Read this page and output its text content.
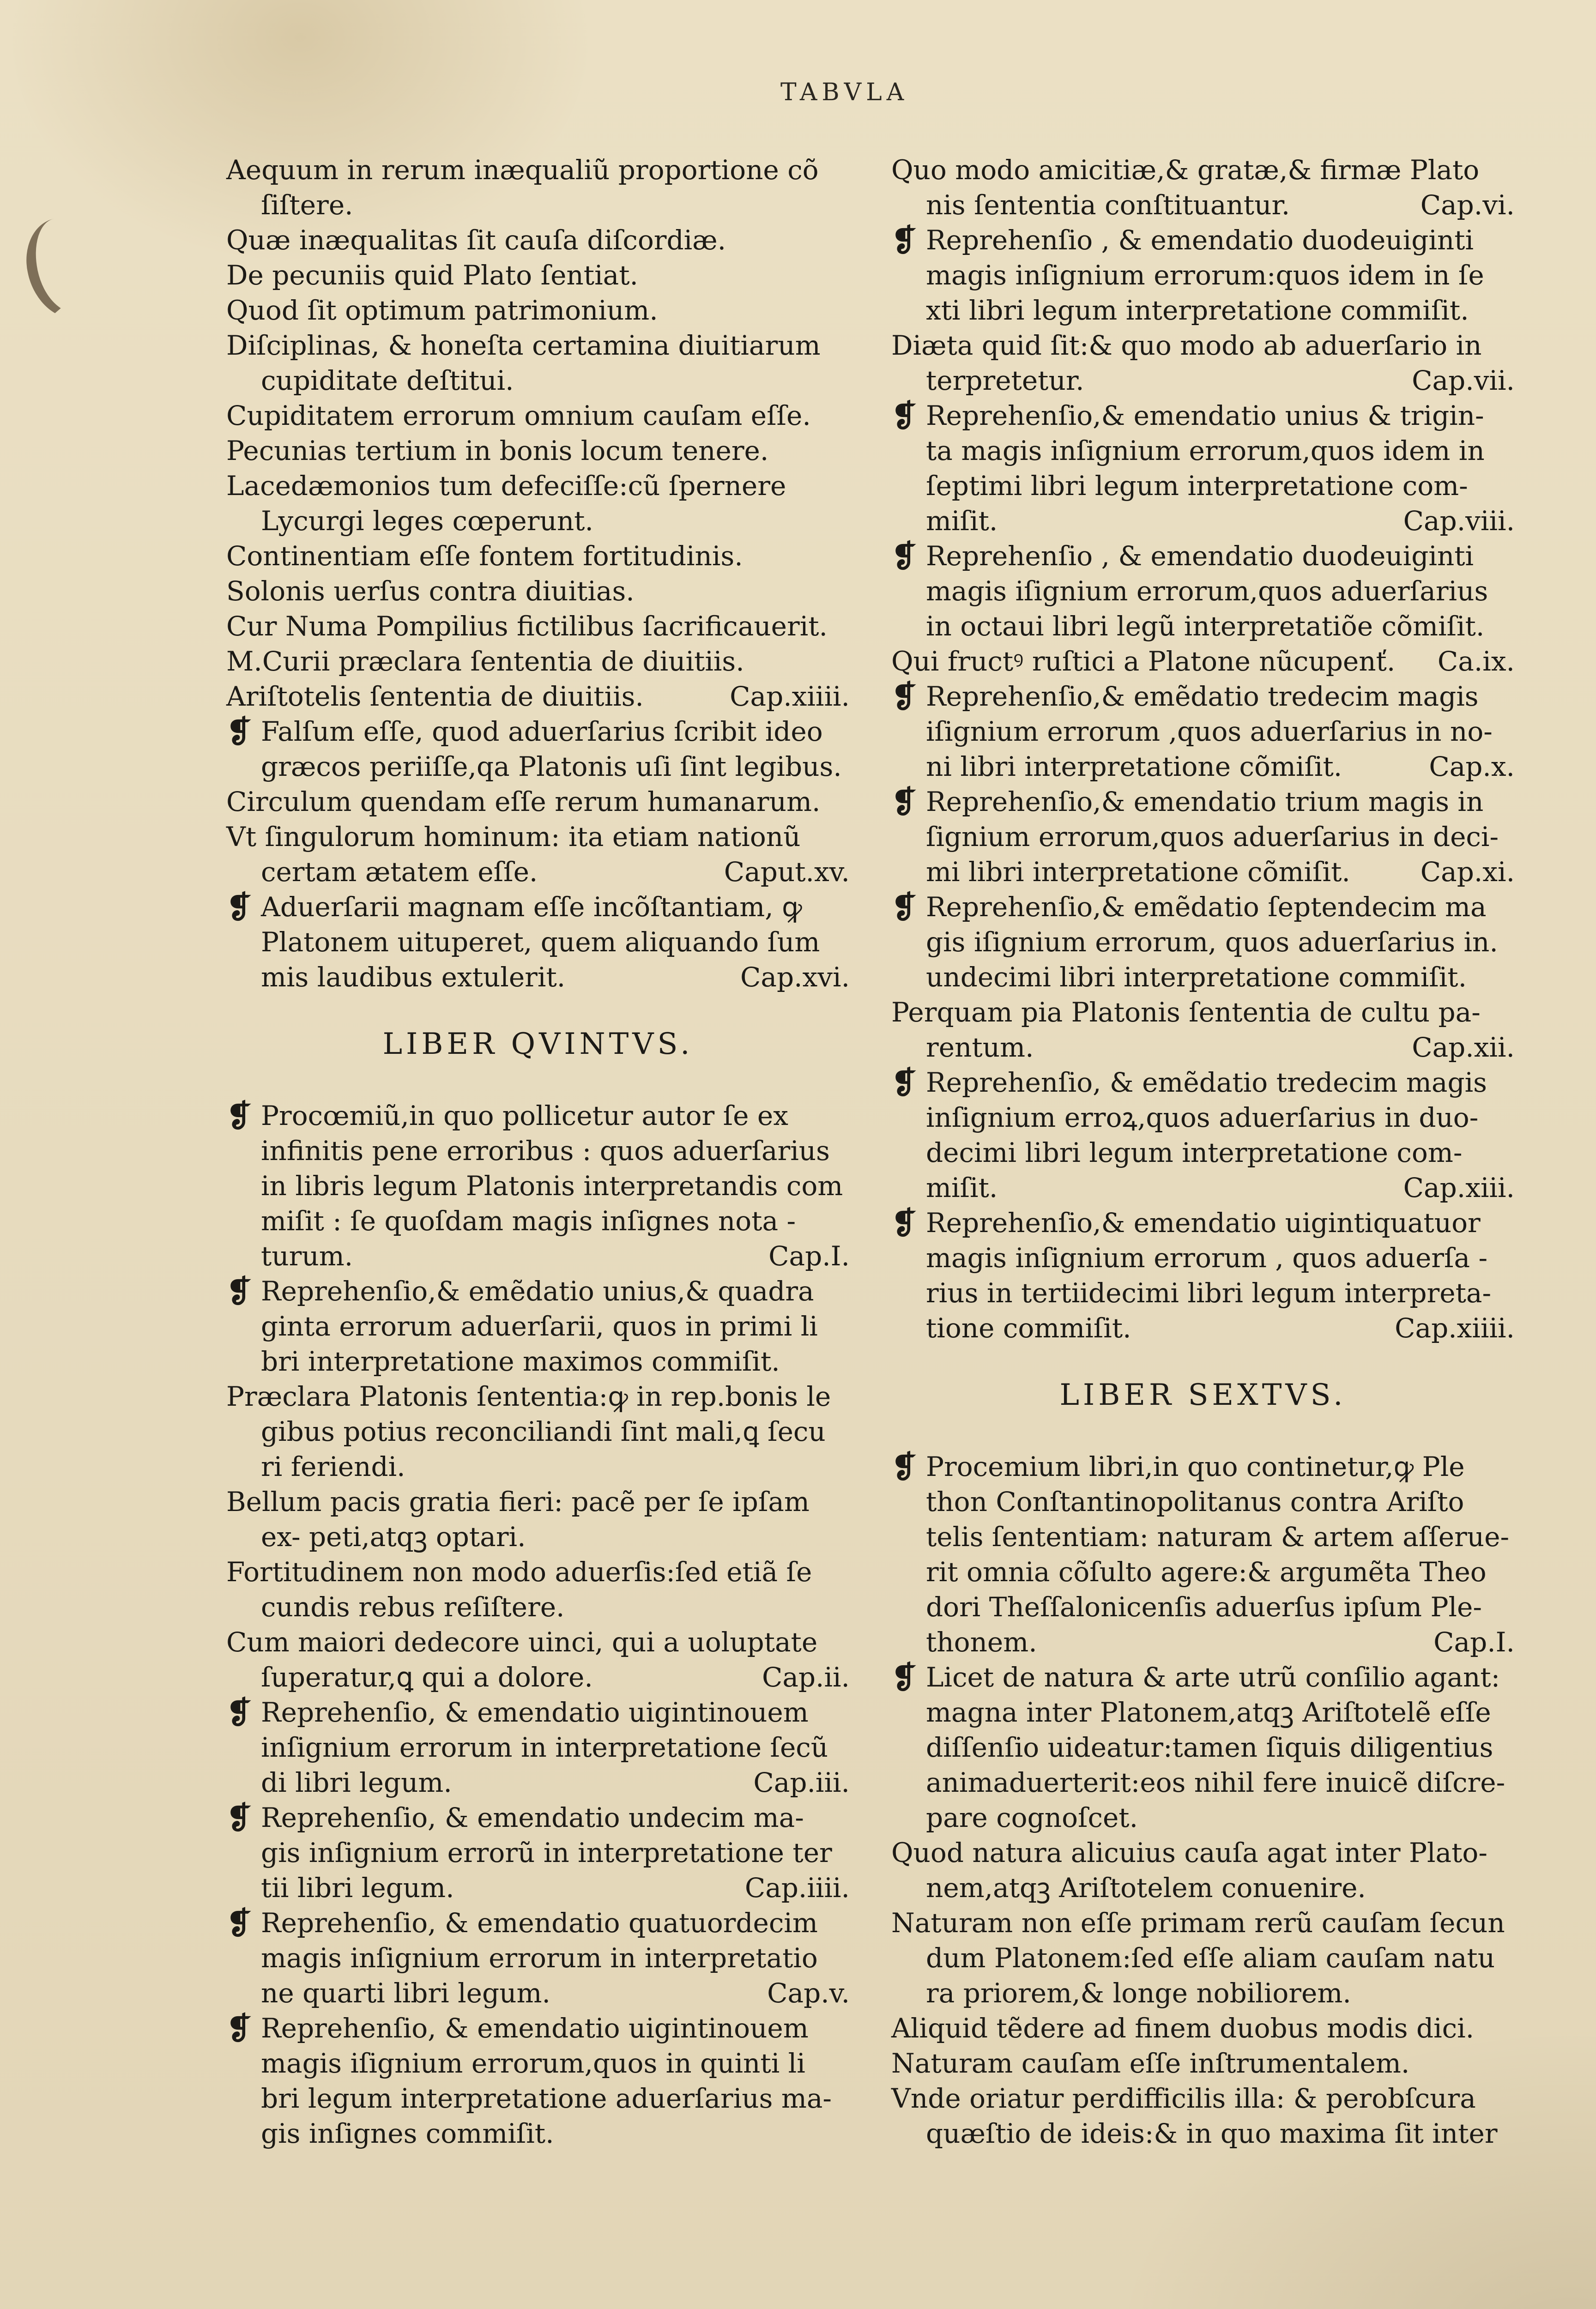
TABVLA

Aequum in rerum inæqualiũ proportione cõ ſiſtere.

Quæ inæqualitas ſit cauſa diſcordiæ.

De pecuniis quid Plato ſentiat.

Quod ſit optimum patrimonium.

Diſciplinas, & honeſta certamina diuitiarum cupiditate deſtitui.

Cupiditatem errorum omnium cauſam eſſe.

Pecunias tertium in bonis locum tenere.

Lacedæmonios tum defeciſſe:cũ ſpernere Lycurgi leges cœperunt.

Continentiam eſſe fontem fortitudinis.

Solonis uerſus contra diuitias.

Cur Numa Pompilius fictilibus ſacrificauerit.

M.Curii præclara ſententia de diuitiis.

Ariſtotelis ſententia de diuitiis.	Cap.xiiii.

❡ Falſum eſſe, quod aduerſarius ſcribit ideo græcos periiſſe,qa Platonis uſi ſint legibus.

Circulum quendam eſſe rerum humanarum.

Vt ſingulorum hominum: ita etiam nationũ certam ætatem eſſe.	Caput.xv.

❡ Aduerſarii magnam eſſe incõſtantiam, ꝙ Platonem uituperet, quem aliquando ſum mis laudibus extulerit.	Cap.xvi.

LIBER QVINTVS.

❡ Procœmiũ,in quo pollicetur autor ſe ex infinitis pene erroribus : quos aduerſarius in libris legum Platonis interpretandis com miſit : ſe quoſdam magis inſignes nota - turum.	Cap.I.

❡ Reprehenſio,& emẽdatio unius,& quadra ginta errorum aduerſarii, quos in primi li bri interpretatione maximos commiſit.

Præclara Platonis ſententia:ꝙ in rep.bonis le gibus potius reconciliandi ſint mali,ꝗ ſecu ri feriendi.

Bellum pacis gratia fieri: pacẽ per ſe ipſam ex- peti,atqꝫ optari.

Fortitudinem non modo aduerſis:ſed etiã ſe cundis rebus reſiſtere.

Cum maiori dedecore uinci, qui a uoluptate ſuperatur,ꝗ qui a dolore.	Cap.ii.

❡ Reprehenſio, & emendatio uigintinouem inſignium errorum in interpretatione ſecũ di libri legum.	Cap.iii.

❡ Reprehenſio, & emendatio undecim ma- gis inſignium errorũ in interpretatione ter tii libri legum.	Cap.iiii.

❡ Reprehenſio, & emendatio quatuordecim magis inſignium errorum in interpretatio ne quarti libri legum.	Cap.v.

❡ Reprehenſio, & emendatio uigintinouem magis iſignium errorum,quos in quinti li bri legum interpretatione aduerſarius ma- gis inſignes commiſit.

Quo modo amicitiæ,& gratæ,& firmæ Plato nis ſententia conſtituantur.	Cap.vi.

❡ Reprehenſio , & emendatio duodeuiginti magis inſignium errorum:quos idem in ſe xti libri legum interpretatione commiſit.

Diæta quid ſit:& quo modo ab aduerſario in terpretetur.	Cap.vii.

❡ Reprehenſio,& emendatio unius & trigin- ta magis inſignium errorum,quos idem in ſeptimi libri legum interpretatione com- miſit.	Cap.viii.

❡ Reprehenſio , & emendatio duodeuiginti magis iſignium errorum,quos aduerſarius in octaui libri legũ interpretatiõe cõmiſit.

Qui fructꝰ ruſtici a Platone nũcupenť.	Ca.ix.

❡ Reprehenſio,& emẽdatio tredecim magis iſignium errorum ,quos aduerſarius in no- ni libri interpretatione cõmiſit.	Cap.x.

❡ Reprehenſio,& emendatio trium magis in ſignium errorum,quos aduerſarius in deci- mi libri interpretatione cõmiſit.	Cap.xi.

❡ Reprehenſio,& emẽdatio ſeptendecim ma gis iſignium errorum, quos aduerſarius in. undecimi libri interpretatione commiſit.

Perquam pia Platonis ſententia de cultu pa- rentum.	Cap.xii.

❡ Reprehenſio, & emẽdatio tredecim magis inſignium erroꝝ,quos aduerſarius in duo- decimi libri legum interpretatione com- miſit.	Cap.xiii.

❡ Reprehenſio,& emendatio uigintiquatuor magis inſignium errorum , quos aduerſa - rius in tertiidecimi libri legum interpreta- tione commiſit.	Cap.xiiii.

LIBER SEXTVS.

❡ Procemium libri,in quo continetur,ꝙ Ple thon Conſtantinopolitanus contra Ariſto telis ſententiam: naturam & artem aſſerue- rit omnia cõſulto agere:& argumẽta Theo dori Theſſalonicenſis aduerſus ipſum Ple- thonem.	Cap.I.

❡ Licet de natura & arte utrũ conſilio agant: magna inter Platonem,atqꝫ Ariſtotelẽ eſſe diſſenſio uideatur:tamen ſiquis diligentius animaduerterit:eos nihil fere inuicẽ diſcre- pare cognoſcet.

Quod natura alicuius cauſa agat inter Plato- nem,atqꝫ Ariſtotelem conuenire.

Naturam non eſſe primam rerũ cauſam ſecun dum Platonem:ſed eſſe aliam cauſam natu ra priorem,& longe nobiliorem.

Aliquid tẽdere ad finem duobus modis dici.

Naturam cauſam eſſe inſtrumentalem.

Vnde oriatur perdifficilis illa: & perobſcura quæſtio de ideis:& in quo maxima ſit inter
